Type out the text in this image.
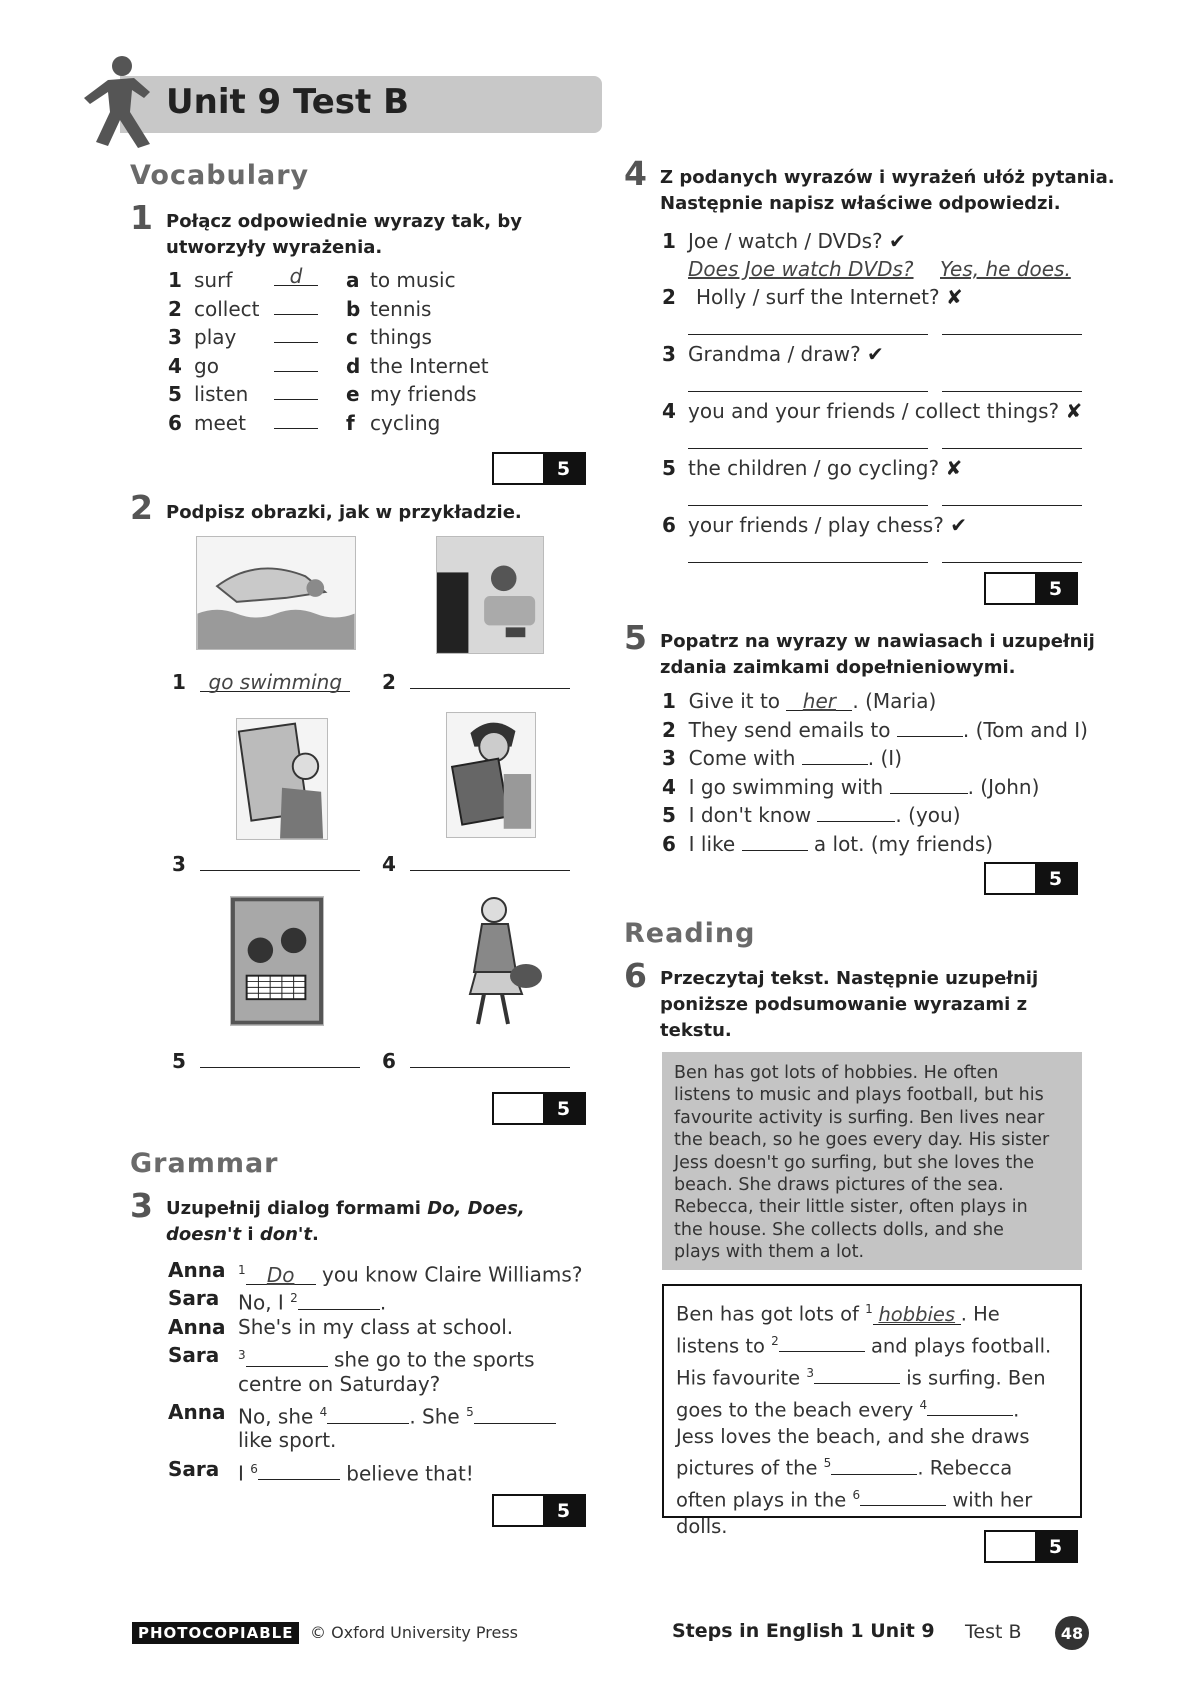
Unit 9 Test B
Vocabulary
1 Połącz odpowiednie wyrazy tak, by
utworzyły wyrażenia.
1 surf	d	a to music
2 collect	b tennis
3 play	c things
4 go	d the Internet
5 listen	e my friends
6 meet	f cycling
5
2 Podpisz obrazki, jak w przykładzie.
1 go swimming	2
3	4
5	6
5
Grammar
3 Uzupełnij dialog formami Do, Does,
doesn't i don't.
Anna $^1$ Do you know Claire Williams?
Sara No, I $^2$	.
Anna She's in my class at school.
Sara $^3$	she go to the sports
centre on Saturday?
Anna No, she $^4$	. She $^5$
like sport.
Sara I $^6$	believe that!
5
4 Z podanych wyrazów i wyrażeń ułóż pytania.
Następnie napisz właściwe odpowiedzi.
1 Joe / watch / DVDs? ✔
Does Joe watch DVDs? Yes, he does.
2 Holly / surf the Internet? ✘
3 Grandma / draw? ✔
4 you and your friends / collect things? ✘
5 the children / go cycling? ✘
6 your friends / play chess? ✔
5
5 Popatrz na wyrazy w nawiasach i uzupełnij
zdania zaimkami dopełnieniowymi.
1 Give it to her . (Maria)
2 They send emails to	. (Tom and I)
3 Come with	. (I)
4 I go swimming with	. (John)
5 I don't know	. (you)
6 I like	a lot. (my friends)
5
Reading
6 Przeczytaj tekst. Następnie uzupełnij
poniższe podsumowanie wyrazami z
tekstu.
Ben has got lots of hobbies. He often
listens to music and plays football, but his
favourite activity is surfing. Ben lives near
the beach, so he goes every day. His sister
Jess doesn't go surfing, but she loves the
beach. She draws pictures of the sea.
Rebecca, their little sister, often plays in
the house. She collects dolls, and she
plays with them a lot.
Ben has got lots of $^1$ hobbies . He
listens to $^2$	and plays football.
His favourite $^3$	is surfing. Ben
goes to the beach every $^4$	.
Jess loves the beach, and she draws
pictures of the $^5$	. Rebecca
often plays in the $^6$	with her
dolls.
5
PHOTOCOPIABLE	© Oxford University Press	Steps in English 1 Unit 9 Test B	48
